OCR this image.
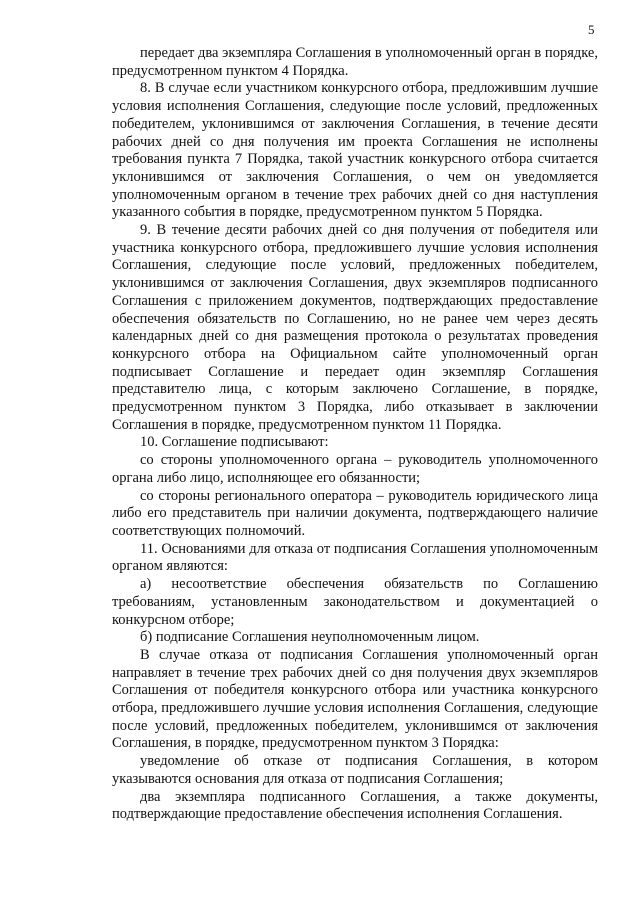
5

передает два экземпляра Соглашения в уполномоченный орган в порядке, предусмотренном пунктом 4 Порядка.

8. В случае если участником конкурсного отбора, предложившим лучшие условия исполнения Соглашения, следующие после условий, предложенных победителем, уклонившимся от заключения Соглашения, в течение десяти рабочих дней со дня получения им проекта Соглашения не исполнены требования пункта 7 Порядка, такой участник конкурсного отбора считается уклонившимся от заключения Соглашения, о чем он уведомляется уполномоченным органом в течение трех рабочих дней со дня наступления указанного события в порядке, предусмотренном пунктом 5 Порядка.

9. В течение десяти рабочих дней со дня получения от победителя или участника конкурсного отбора, предложившего лучшие условия исполнения Соглашения, следующие после условий, предложенных победителем, уклонившимся от заключения Соглашения, двух экземпляров подписанного Соглашения с приложением документов, подтверждающих предоставление обеспечения обязательств по Соглашению, но не ранее чем через десять календарных дней со дня размещения протокола о результатах проведения конкурсного отбора на Официальном сайте уполномоченный орган подписывает Соглашение и передает один экземпляр Соглашения представителю лица, с которым заключено Соглашение, в порядке, предусмотренном пунктом 3 Порядка, либо отказывает в заключении Соглашения в порядке, предусмотренном пунктом 11 Порядка.

10. Соглашение подписывают:

со стороны уполномоченного органа – руководитель уполномоченного органа либо лицо, исполняющее его обязанности;

со стороны регионального оператора – руководитель юридического лица либо его представитель при наличии документа, подтверждающего наличие соответствующих полномочий.

11. Основаниями для отказа от подписания Соглашения уполномоченным органом являются:

а) несоответствие обеспечения обязательств по Соглашению требованиям, установленным законодательством и документацией о конкурсном отборе;

б) подписание Соглашения неуполномоченным лицом.

В случае отказа от подписания Соглашения уполномоченный орган направляет в течение трех рабочих дней со дня получения двух экземпляров Соглашения от победителя конкурсного отбора или участника конкурсного отбора, предложившего лучшие условия исполнения Соглашения, следующие после условий, предложенных победителем, уклонившимся от заключения Соглашения, в порядке, предусмотренном пунктом 3 Порядка:

уведомление об отказе от подписания Соглашения, в котором указываются основания для отказа от подписания Соглашения;

два экземпляра подписанного Соглашения, а также документы, подтверждающие предоставление обеспечения исполнения Соглашения.
